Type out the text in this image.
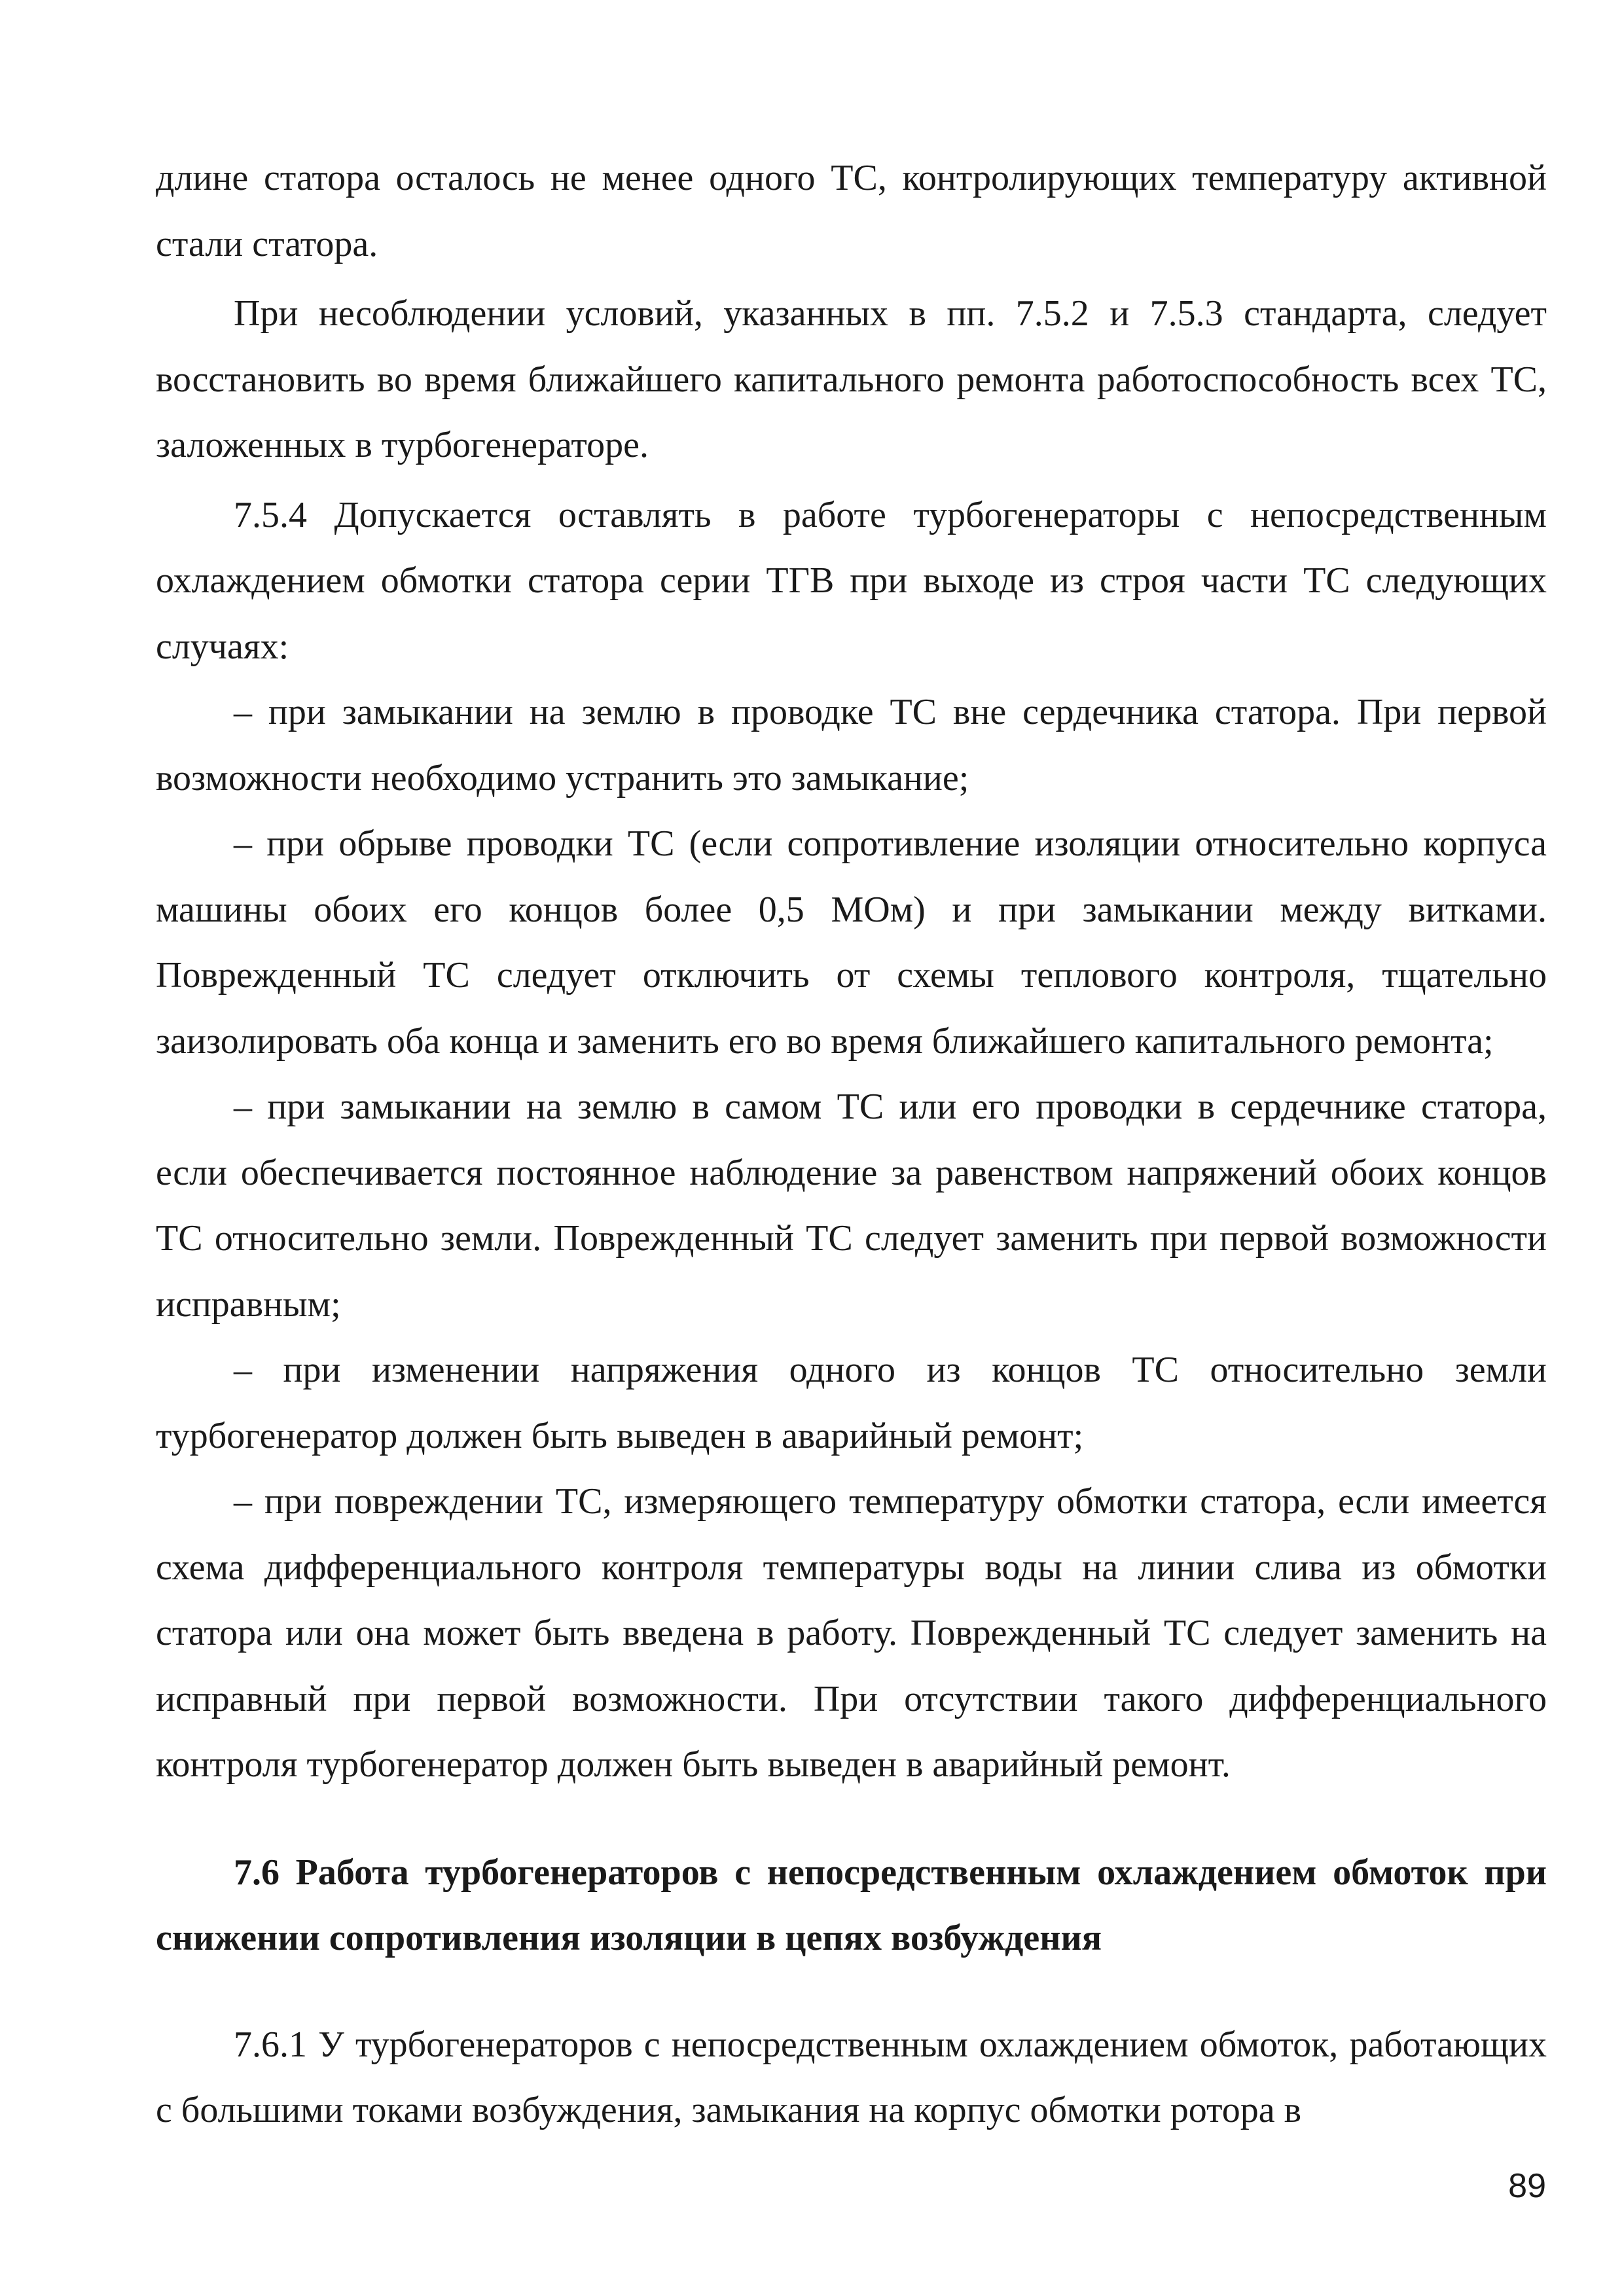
длине статора осталось не менее одного ТС, контролирующих температуру активной стали статора.

При несоблюдении условий, указанных в пп. 7.5.2 и 7.5.3 стандарта, следует восстановить во время ближайшего капитального ремонта работоспособность всех ТС, заложенных в турбогенераторе.

7.5.4 Допускается оставлять в работе турбогенераторы с непосредственным охлаждением обмотки статора серии ТГВ при выходе из строя части ТС следующих случаях:

– при замыкании на землю в проводке ТС вне сердечника статора. При первой возможности необходимо устранить это замыкание;

– при обрыве проводки ТС (если сопротивление изоляции относительно корпуса машины обоих его концов более 0,5 МОм) и при замыкании между витками. Поврежденный ТС следует отключить от схемы теплового контроля, тщательно заизолировать оба конца и заменить его во время ближайшего капитального ремонта;

– при замыкании на землю в самом ТС или его проводки в сердечнике статора, если обеспечивается постоянное наблюдение за равенством напряжений обоих концов ТС относительно земли. Поврежденный ТС следует заменить при первой возможности исправным;

– при изменении напряжения одного из концов ТС относительно земли турбогенератор должен быть выведен в аварийный ремонт;

– при повреждении ТС, измеряющего температуру обмотки статора, если имеется схема дифференциального контроля температуры воды на линии слива из обмотки статора или она может быть введена в работу. Поврежденный ТС следует заменить на исправный при первой возможности. При отсутствии такого дифференциального контроля турбогенератор должен быть выведен в аварийный ремонт.

7.6 Работа турбогенераторов с непосредственным охлаждением обмоток при снижении сопротивления изоляции в цепях возбуждения

7.6.1 У турбогенераторов с непосредственным охлаждением обмоток, работающих с большими токами возбуждения, замыкания на корпус обмотки ротора в

89
